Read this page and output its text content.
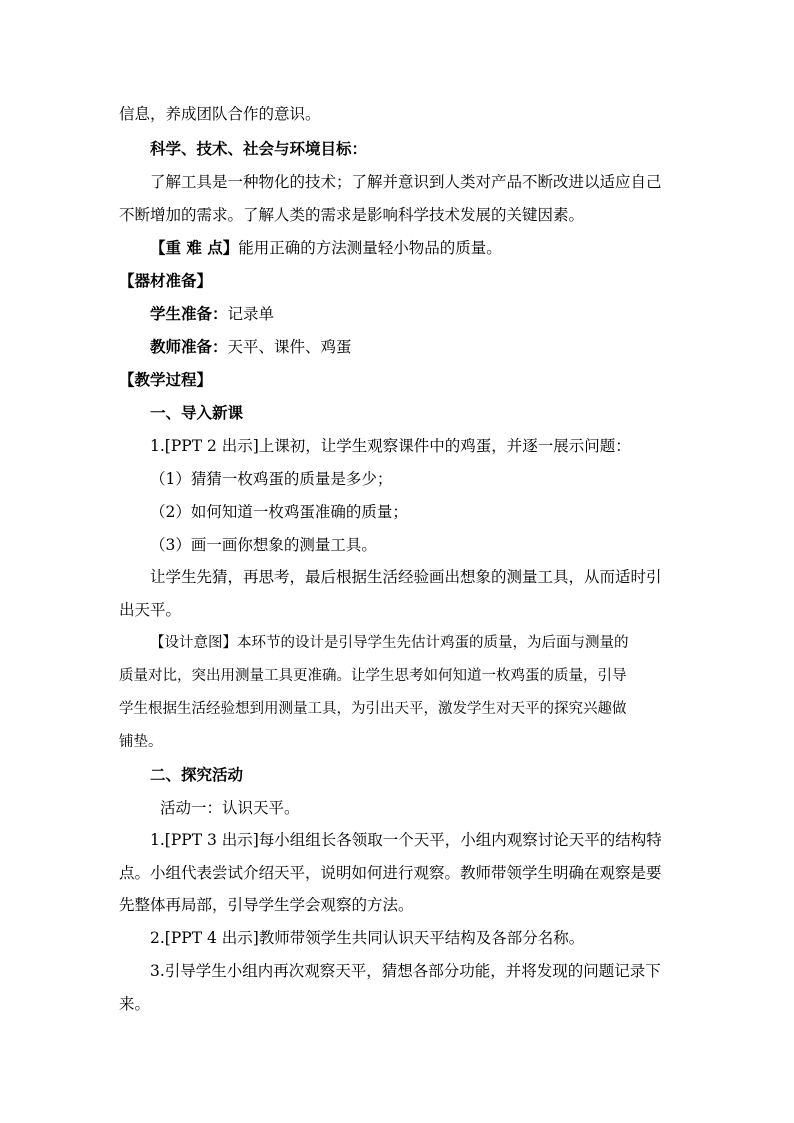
信息，养成团队合作的意识。
科学、技术、社会与环境目标：
了解工具是一种物化的技术；了解并意识到人类对产品不断改进以适应自己
不断增加的需求。了解人类的需求是影响科学技术发展的关键因素。
【重 难 点】能用正确的方法测量轻小物品的质量。
【器材准备】
学生准备：记录单
教师准备：天平、课件、鸡蛋
【教学过程】
一、导入新课
1.[PPT 2 出示]上课初，让学生观察课件中的鸡蛋，并逐一展示问题：
（1）猜猜一枚鸡蛋的质量是多少；
（2）如何知道一枚鸡蛋准确的质量；
（3）画一画你想象的测量工具。
让学生先猜，再思考，最后根据生活经验画出想象的测量工具，从而适时引
出天平。
【设计意图】本环节的设计是引导学生先估计鸡蛋的质量，为后面与测量的
质量对比，突出用测量工具更准确。让学生思考如何知道一枚鸡蛋的质量，引导
学生根据生活经验想到用测量工具，为引出天平，激发学生对天平的探究兴趣做
铺垫。
二、探究活动
活动一：认识天平。
1.[PPT 3 出示]每小组组长各领取一个天平，小组内观察讨论天平的结构特
点。小组代表尝试介绍天平，说明如何进行观察。教师带领学生明确在观察是要
先整体再局部，引导学生学会观察的方法。
2.[PPT 4 出示]教师带领学生共同认识天平结构及各部分名称。
3.引导学生小组内再次观察天平，猜想各部分功能，并将发现的问题记录下
来。
